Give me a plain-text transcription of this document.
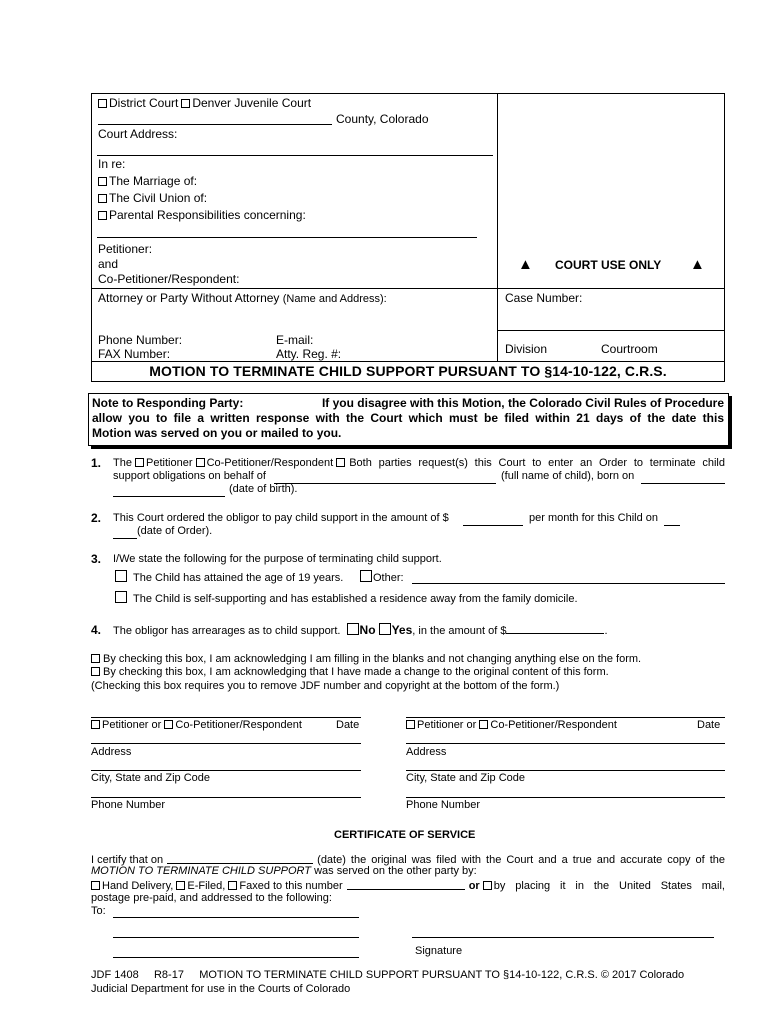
District Court Denver Juvenile Court
County, Colorado
Court Address:
In re:
The Marriage of:
The Civil Union of:
Parental Responsibilities concerning:
Petitioner:
and
Co-Petitioner/Respondent:
Attorney or Party Without Attorney (Name and Address):
Phone Number:	E-mail:
FAX Number:	Atty. Reg. #:
▲ COURT USE ONLY ▲
Case Number:
Division	Courtroom
MOTION TO TERMINATE CHILD SUPPORT PURSUANT TO §14-10-122, C.R.S.
Note to Responding Party:	If you disagree with this Motion, the Colorado Civil Rules of Procedure
allow you to file a written response with the Court which must be filed within 21 days of the date this
Motion was served on you or mailed to you.
1. The Petitioner Co-Petitioner/Respondent	Both parties request(s) this Court to enter an Order to terminate child
support obligations on behalf of	(full name of child), born on
(date of birth).
2. This Court ordered the obligor to pay child support in the amount of $	per month for this Child on
(date of Order).
3. I/We state the following for the purpose of terminating child support.
The Child has attained the age of 19 years.	Other:
The Child is self-supporting and has established a residence away from the family domicile.
4. The obligor has arrearages as to child support. No Yes, in the amount of $	.
By checking this box, I am acknowledging I am filling in the blanks and not changing anything else on the form.
By checking this box, I am acknowledging that I have made a change to the original content of this form.
(Checking this box requires you to remove JDF number and copyright at the bottom of the form.)
Petitioner or Co-Petitioner/Respondent	Date	Petitioner or Co-Petitioner/Respondent	Date
Address	Address
City, State and Zip Code	City, State and Zip Code
Phone Number	Phone Number
CERTIFICATE OF SERVICE
I certify that on	(date) the original was filed with the Court and a true and accurate copy of the
MOTION TO TERMINATE CHILD SUPPORT was served on the other party by:
Hand Delivery, E-Filed, Faxed to this number	or	by placing it in the United States mail,
postage pre-paid, and addressed to the following:
To:
Signature
JDF 1408     R8-17     MOTION TO TERMINATE CHILD SUPPORT PURSUANT TO §14-10-122, C.R.S. © 2017 Colorado
Judicial Department for use in the Courts of Colorado
